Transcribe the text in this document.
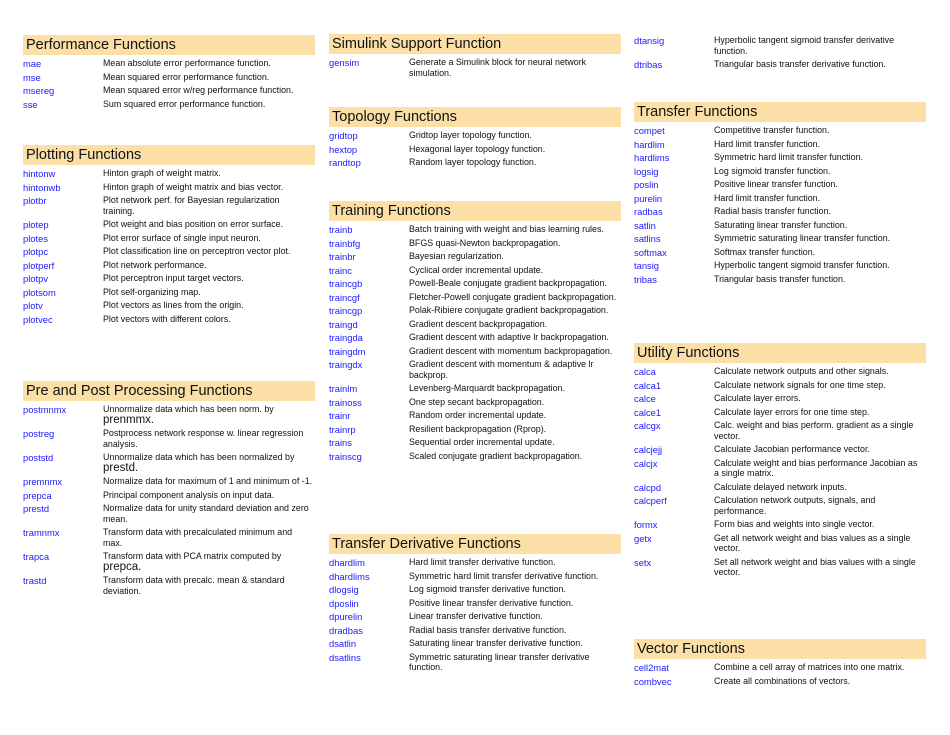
Performance Functions
mae	Mean absolute error performance function.
mse	Mean squared error performance function.
msereg	Mean squared error w/reg performance function.
sse	Sum squared error performance function.
Plotting Functions
hintonw	Hinton graph of weight matrix.
hintonwb	Hinton graph of weight matrix and bias vector.
plotbr	Plot network perf. for Bayesian regularization training.
plotep	Plot weight and bias position on error surface.
plotes	Plot error surface of single input neuron.
plotpc	Plot classification line on perceptron vector plot.
plotperf	Plot network performance.
plotpv	Plot perceptron input target vectors.
plotsom	Plot self-organizing map.
plotv	Plot vectors as lines from the origin.
plotvec	Plot vectors with different colors.
Pre and Post Processing Functions
postmnmx	Unnormalize data which has been norm. by
prenmmx.
postreg	Postprocess network response w. linear regression analysis.
poststd	Unnormalize data which has been normalized by
prestd.
premnmx	Normalize data for maximum of 1 and minimum of -1.
prepca	Principal component analysis on input data.
prestd	Normalize data for unity standard deviation and zero mean.
tramnmx	Transform data with precalculated minimum and max.
trapca	Transform data with PCA matrix computed by
prepca.
trastd	Transform data with precalc. mean & standard deviation.
Simulink Support Function
gensim	Generate a Simulink block for neural network simulation.
Topology Functions
gridtop	Gridtop layer topology function.
hextop	Hexagonal layer topology function.
randtop	Random layer topology function.
Training Functions
trainb	Batch training with weight and bias learning rules.
trainbfg	BFGS quasi-Newton backpropagation.
trainbr	Bayesian regularization.
trainc	Cyclical order incremental update.
traincgb	Powell-Beale conjugate gradient backpropagation.
traincgf	Fletcher-Powell conjugate gradient backpropagation.
traincgp	Polak-Ribiere conjugate gradient backpropagation.
traingd	Gradient descent backpropagation.
traingda	Gradient descent with adaptive lr backpropagation.
traingdm	Gradient descent with momentum backpropagation.
traingdx	Gradient descent with momentum & adaptive lr backprop.
trainlm	Levenberg-Marquardt backpropagation.
trainoss	One step secant backpropagation.
trainr	Random order incremental update.
trainrp	Resilient backpropagation (Rprop).
trains	Sequential order incremental update.
trainscg	Scaled conjugate gradient backpropagation.
Transfer Derivative Functions
dhardlim	Hard limit transfer derivative function.
dhardlims	Symmetric hard limit transfer derivative function.
dlogsig	Log sigmoid transfer derivative function.
dposlin	Positive linear transfer derivative function.
dpurelin	Linear transfer derivative function.
dradbas	Radial basis transfer derivative function.
dsatlin	Saturating linear transfer derivative function.
dsatlins	Symmetric saturating linear transfer derivative function.
dtansig	Hyperbolic tangent sigmoid transfer derivative function.
dtribas	Triangular basis transfer derivative function.
Transfer Functions
compet	Competitive transfer function.
hardlim	Hard limit transfer function.
hardlims	Symmetric hard limit transfer function.
logsig	Log sigmoid transfer function.
poslin	Positive linear transfer function.
purelin	Hard limit transfer function.
radbas	Radial basis transfer function.
satlin	Saturating linear transfer function.
satlins	Symmetric saturating linear transfer function.
softmax	Softmax transfer function.
tansig	Hyperbolic tangent sigmoid transfer function.
tribas	Triangular basis transfer function.
Utility Functions
calca	Calculate network outputs and other signals.
calca1	Calculate network signals for one time step.
calce	Calculate layer errors.
calce1	Calculate layer errors for one time step.
calcgx	Calc. weight and bias perform. gradient as a single vector.
calcjejj	Calculate Jacobian performance vector.
calcjx	Calculate weight and bias performance Jacobian as a single matrix.
calcpd	Calculate delayed network inputs.
calcperf	Calculation network outputs, signals, and performance.
formx	Form bias and weights into single vector.
getx	Get all network weight and bias values as a single vector.
setx	Set all network weight and bias values with a single vector.
Vector Functions
cell2mat	Combine a cell array of matrices into one matrix.
combvec	Create all combinations of vectors.
